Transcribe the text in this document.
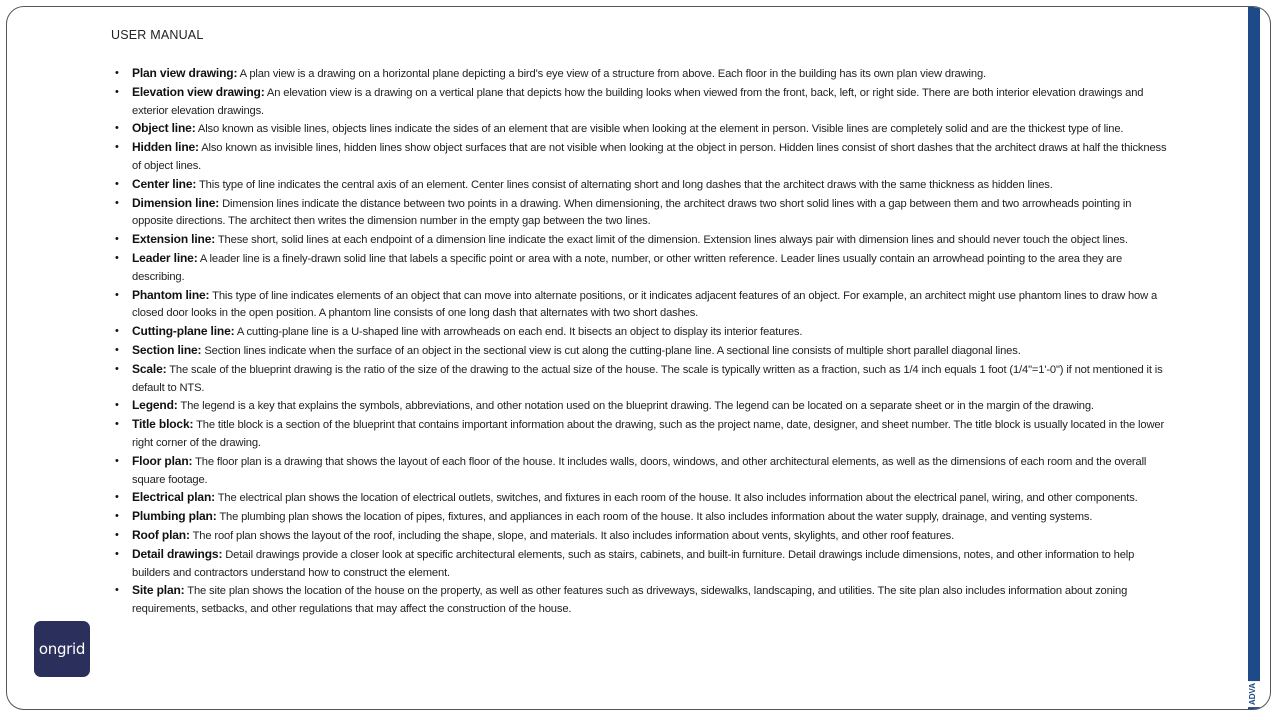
USER MANUAL
• Plan view drawing: A plan view is a drawing on a horizontal plane depicting a bird's eye view of a structure from above. Each floor in the building has its own plan view drawing.
• Elevation view drawing: An elevation view is a drawing on a vertical plane that depicts how the building looks when viewed from the front, back, left, or right side. There are both interior elevation drawings and exterior elevation drawings.
• Object line: Also known as visible lines, objects lines indicate the sides of an element that are visible when looking at the element in person. Visible lines are completely solid and are the thickest type of line.
• Hidden line: Also known as invisible lines, hidden lines show object surfaces that are not visible when looking at the object in person. Hidden lines consist of short dashes that the architect draws at half the thickness of object lines.
• Center line: This type of line indicates the central axis of an element. Center lines consist of alternating short and long dashes that the architect draws with the same thickness as hidden lines.
• Dimension line: Dimension lines indicate the distance between two points in a drawing. When dimensioning, the architect draws two short solid lines with a gap between them and two arrowheads pointing in opposite directions. The architect then writes the dimension number in the empty gap between the two lines.
• Extension line: These short, solid lines at each endpoint of a dimension line indicate the exact limit of the dimension. Extension lines always pair with dimension lines and should never touch the object lines.
• Leader line: A leader line is a finely-drawn solid line that labels a specific point or area with a note, number, or other written reference. Leader lines usually contain an arrowhead pointing to the area they are describing.
• Phantom line: This type of line indicates elements of an object that can move into alternate positions, or it indicates adjacent features of an object. For example, an architect might use phantom lines to draw how a closed door looks in the open position. A phantom line consists of one long dash that alternates with two short dashes.
• Cutting-plane line: A cutting-plane line is a U-shaped line with arrowheads on each end. It bisects an object to display its interior features.
• Section line: Section lines indicate when the surface of an object in the sectional view is cut along the cutting-plane line. A sectional line consists of multiple short parallel diagonal lines.
• Scale: The scale of the blueprint drawing is the ratio of the size of the drawing to the actual size of the house. The scale is typically written as a fraction, such as 1/4 inch equals 1 foot (1/4"=1'-0") if not mentioned it is default to NTS.
• Legend: The legend is a key that explains the symbols, abbreviations, and other notation used on the blueprint drawing. The legend can be located on a separate sheet or in the margin of the drawing.
• Title block: The title block is a section of the blueprint that contains important information about the drawing, such as the project name, date, designer, and sheet number. The title block is usually located in the lower right corner of the drawing.
• Floor plan: The floor plan is a drawing that shows the layout of each floor of the house. It includes walls, doors, windows, and other architectural elements, as well as the dimensions of each room and the overall square footage.
• Electrical plan: The electrical plan shows the location of electrical outlets, switches, and fixtures in each room of the house. It also includes information about the electrical panel, wiring, and other components.
• Plumbing plan: The plumbing plan shows the location of pipes, fixtures, and appliances in each room of the house. It also includes information about the water supply, drainage, and venting systems.
• Roof plan: The roof plan shows the layout of the roof, including the shape, slope, and materials. It also includes information about vents, skylights, and other roof features.
• Detail drawings: Detail drawings provide a closer look at specific architectural elements, such as stairs, cabinets, and built-in furniture. Detail drawings include dimensions, notes, and other information to help builders and contractors understand how to construct the element.
• Site plan: The site plan shows the location of the house on the property, as well as other features such as driveways, sidewalks, landscaping, and utilities. The site plan also includes information about zoning requirements, setbacks, and other regulations that may affect the construction of the house.
ongrid
ADVA
